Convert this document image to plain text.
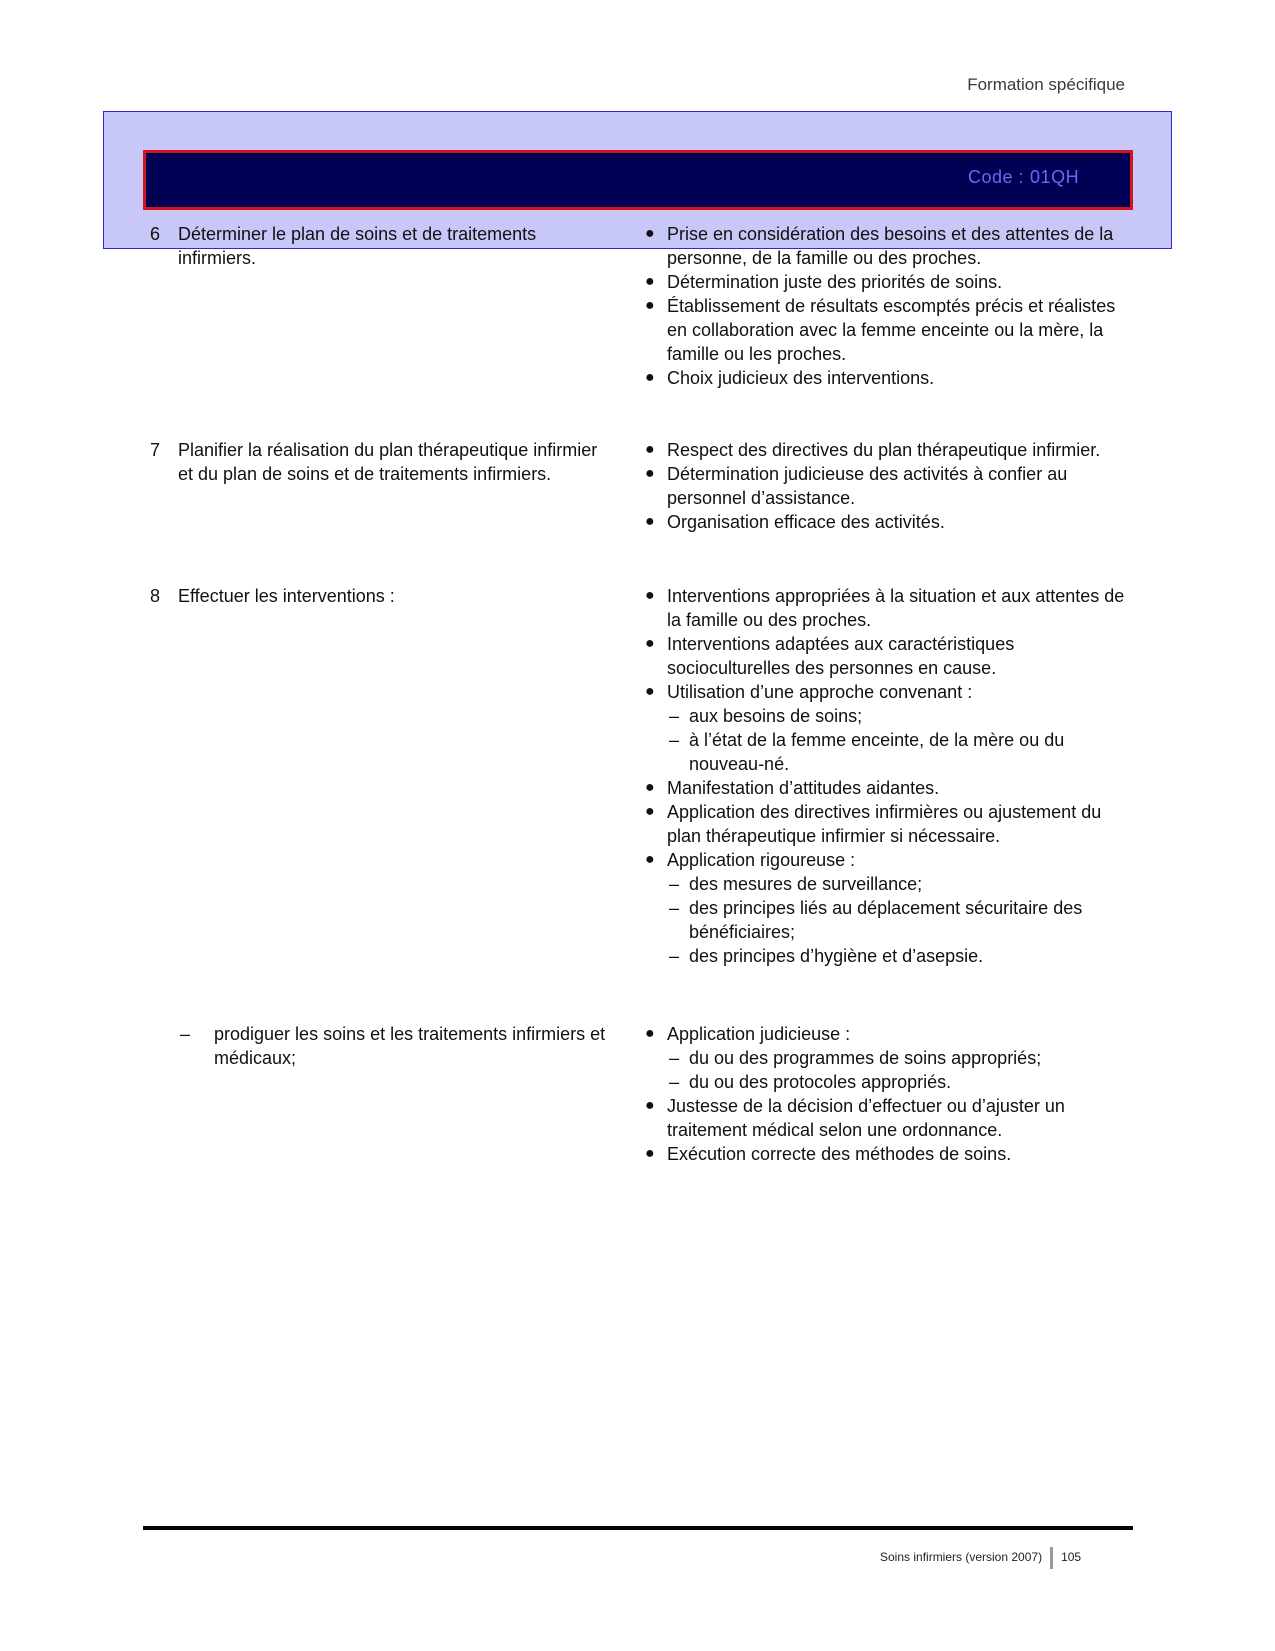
Formation spécifique
Code : 01QH
6 Déterminer le plan de soins et de traitements infirmiers.
● Prise en considération des besoins et des attentes de la personne, de la famille ou des proches.
● Détermination juste des priorités de soins.
● Établissement de résultats escomptés précis et réalistes en collaboration avec la femme enceinte ou la mère, la famille ou les proches.
● Choix judicieux des interventions.
7 Planifier la réalisation du plan thérapeutique infirmier et du plan de soins et de traitements infirmiers.
● Respect des directives du plan thérapeutique infirmier.
● Détermination judicieuse des activités à confier au personnel d’assistance.
● Organisation efficace des activités.
8 Effectuer les interventions :	● Interventions appropriées à la situation et aux attentes de la famille ou des proches.
● Interventions adaptées aux caractéristiques socioculturelles des personnes en cause.
● Utilisation d’une approche convenant :
– aux besoins de soins;
– à l’état de la femme enceinte, de la mère ou du nouveau-né.
● Manifestation d’attitudes aidantes.
● Application des directives infirmières ou ajustement du plan thérapeutique infirmier si nécessaire.
● Application rigoureuse :
– des mesures de surveillance;
– des principes liés au déplacement sécuritaire des bénéficiaires;
– des principes d’hygiène et d’asepsie.
– prodiguer les soins et les traitements infirmiers et médicaux;
● Application judicieuse :
– du ou des programmes de soins appropriés;
– du ou des protocoles appropriés.
● Justesse de la décision d’effectuer ou d’ajuster un traitement médical selon une ordonnance.
● Exécution correcte des méthodes de soins.
Soins infirmiers (version 2007) 105
